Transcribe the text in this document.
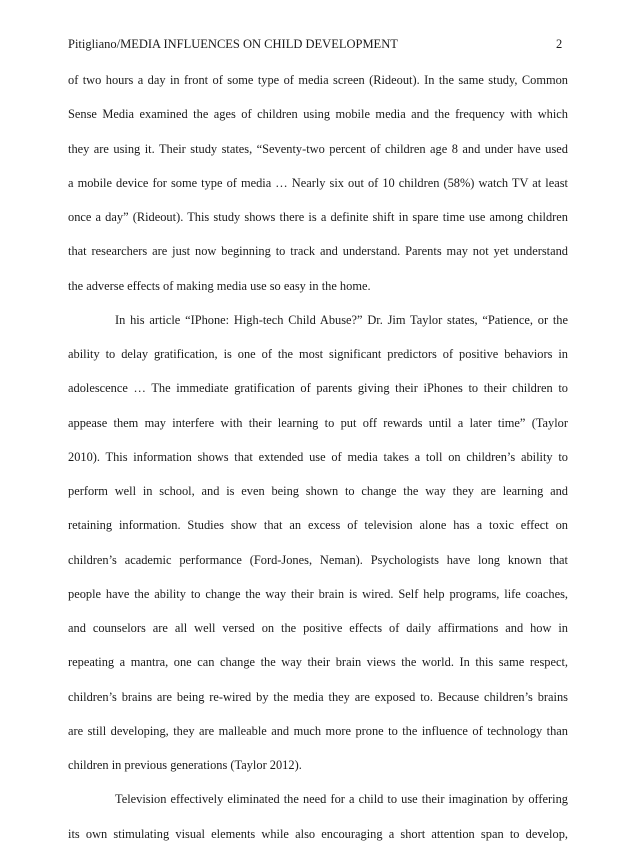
Pitigliano/MEDIA INFLUENCES ON CHILD DEVELOPMENT	2
of two hours a day in front of some type of media screen (Rideout). In the same study, Common
Sense Media examined the ages of children using mobile media and the frequency with which
they are using it. Their study states, “Seventy-two percent of children age 8 and under have used
a mobile device for some type of media … Nearly six out of 10 children (58%) watch TV at least
once a day” (Rideout). This study shows there is a definite shift in spare time use among children
that researchers are just now beginning to track and understand. Parents may not yet understand
the adverse effects of making media use so easy in the home.
In his article “IPhone: High-tech Child Abuse?” Dr. Jim Taylor states, “Patience, or the
ability to delay gratification, is one of the most significant predictors of positive behaviors in
adolescence … The immediate gratification of parents giving their iPhones to their children to
appease them may interfere with their learning to put off rewards until a later time” (Taylor
2010). This information shows that extended use of media takes a toll on children’s ability to
perform well in school, and is even being shown to change the way they are learning and
retaining information. Studies show that an excess of television alone has a toxic effect on
children’s academic performance (Ford-Jones, Neman). Psychologists have long known that
people have the ability to change the way their brain is wired. Self help programs, life coaches,
and counselors are all well versed on the positive effects of daily affirmations and how in
repeating a mantra, one can change the way their brain views the world. In this same respect,
children’s brains are being re-wired by the media they are exposed to. Because children’s brains
are still developing, they are malleable and much more prone to the influence of technology than
children in previous generations (Taylor 2012).
Television effectively eliminated the need for a child to use their imagination by offering
its own stimulating visual elements while also encouraging a short attention span to develop,
